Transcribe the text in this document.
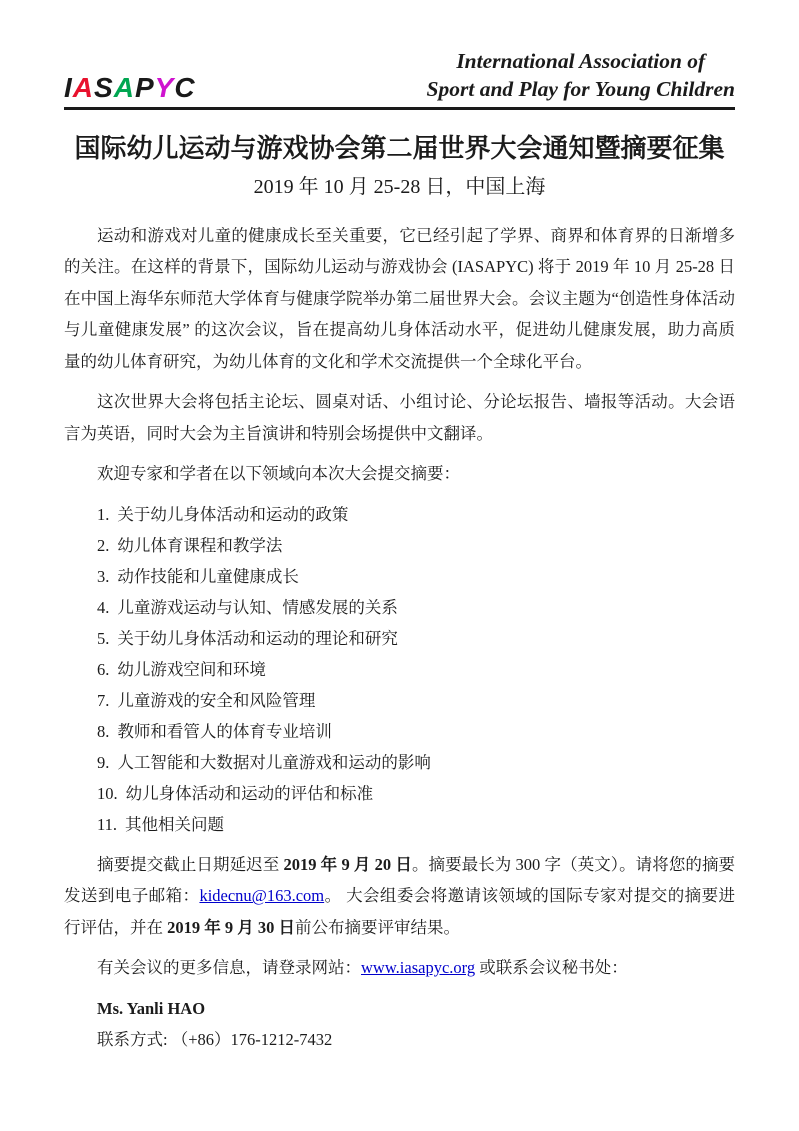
IASAPYC
International Association of
Sport and Play for Young Children
国际幼儿运动与游戏协会第二届世界大会通知暨摘要征集
2019 年 10 月 25-28 日，中国上海

运动和游戏对儿童的健康成长至关重要，它已经引起了学界、商界和体育界的日渐增多的关注。在这样的背景下，国际幼儿运动与游戏协会 (IASAPYC) 将于 2019 年 10 月 25-28 日在中国上海华东师范大学体育与健康学院举办第二届世界大会。会议主题为“创造性身体活动与儿童健康发展” 的这次会议，旨在提高幼儿身体活动水平，促进幼儿健康发展，助力高质量的幼儿体育研究，为幼儿体育的文化和学术交流提供一个全球化平台。

这次世界大会将包括主论坛、圆桌对话、小组讨论、分论坛报告、墙报等活动。大会语言为英语，同时大会为主旨演讲和特别会场提供中文翻译。

欢迎专家和学者在以下领域向本次大会提交摘要：

1. 关于幼儿身体活动和运动的政策
2. 幼儿体育课程和教学法
3. 动作技能和儿童健康成长
4. 儿童游戏运动与认知、情感发展的关系
5. 关于幼儿身体活动和运动的理论和研究
6. 幼儿游戏空间和环境
7. 儿童游戏的安全和风险管理
8. 教师和看管人的体育专业培训
9. 人工智能和大数据对儿童游戏和运动的影响
10. 幼儿身体活动和运动的评估和标准
11. 其他相关问题

摘要提交截止日期延迟至 2019 年 9 月 20 日。摘要最长为 300 字（英文）。请将您的摘要发送到电子邮箱：kidecnu@163.com。 大会组委会将邀请该领域的国际专家对提交的摘要进行评估，并在 2019 年 9 月 30 日前公布摘要评审结果。

有关会议的更多信息，请登录网站：www.iasapyc.org 或联系会议秘书处：

Ms. Yanli HAO

联系方式: （+86）176-1212-7432
